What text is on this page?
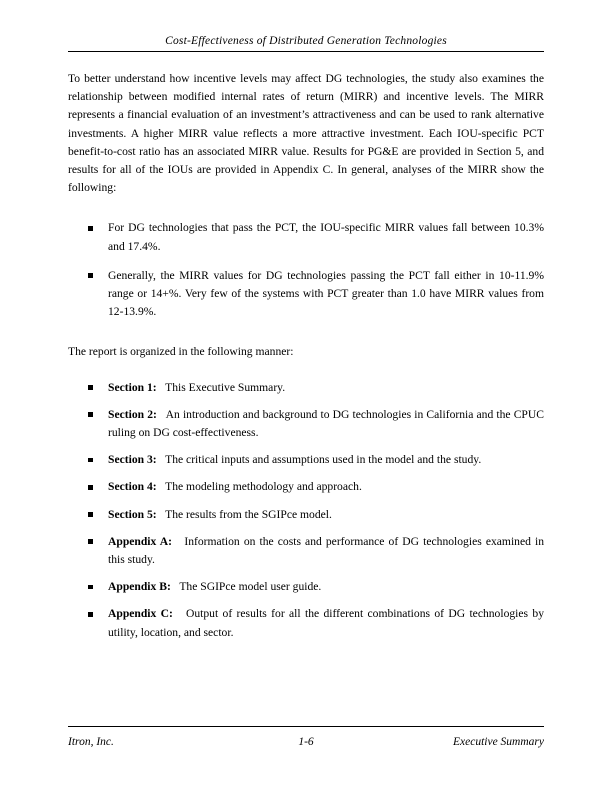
Cost-Effectiveness of Distributed Generation Technologies

To better understand how incentive levels may affect DG technologies, the study also examines the relationship between modified internal rates of return (MIRR) and incentive levels. The MIRR represents a financial evaluation of an investment’s attractiveness and can be used to rank alternative investments. A higher MIRR value reflects a more attractive investment. Each IOU-specific PCT benefit-to-cost ratio has an associated MIRR value. Results for PG&E are provided in Section 5, and results for all of the IOUs are provided in Appendix C. In general, analyses of the MIRR show the following:

For DG technologies that pass the PCT, the IOU-specific MIRR values fall between 10.3% and 17.4%.
Generally, the MIRR values for DG technologies passing the PCT fall either in 10-11.9% range or 14+%. Very few of the systems with PCT greater than 1.0 have MIRR values from 12-13.9%.

The report is organized in the following manner:

Section 1: This Executive Summary.
Section 2: An introduction and background to DG technologies in California and the CPUC ruling on DG cost-effectiveness.
Section 3: The critical inputs and assumptions used in the model and the study.
Section 4: The modeling methodology and approach.
Section 5: The results from the SGIPce model.
Appendix A: Information on the costs and performance of DG technologies examined in this study.
Appendix B: The SGIPce model user guide.
Appendix C: Output of results for all the different combinations of DG technologies by utility, location, and sector.
Itron, Inc.	1-6	Executive Summary
